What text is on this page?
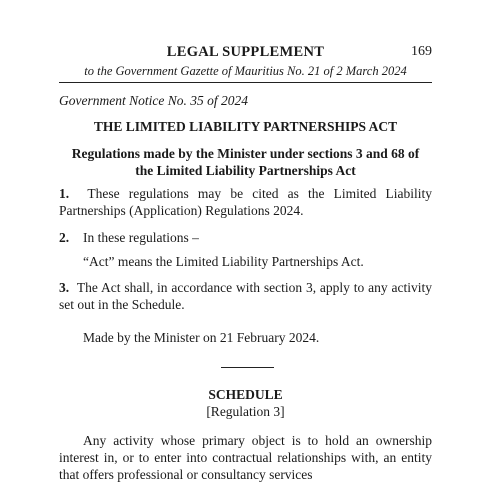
LEGAL SUPPLEMENT	169
to the Government Gazette of Mauritius No. 21 of 2 March 2024
Government Notice No. 35 of 2024
THE LIMITED LIABILITY PARTNERSHIPS ACT
Regulations made by the Minister under sections 3 and 68 of
the Limited Liability Partnerships Act
1. These regulations may be cited as the Limited Liability
Partnerships (Application) Regulations 2024.
2. In these regulations –
“Act” means the Limited Liability Partnerships Act.
3. The Act shall, in accordance with section 3, apply to any activity
set out in the Schedule.
Made by the Minister on 21 February 2024.
SCHEDULE
[Regulation 3]
Any activity whose primary object is to hold an ownership
interest in, or to enter into contractual relationships with, an entity
that offers professional or consultancy services
